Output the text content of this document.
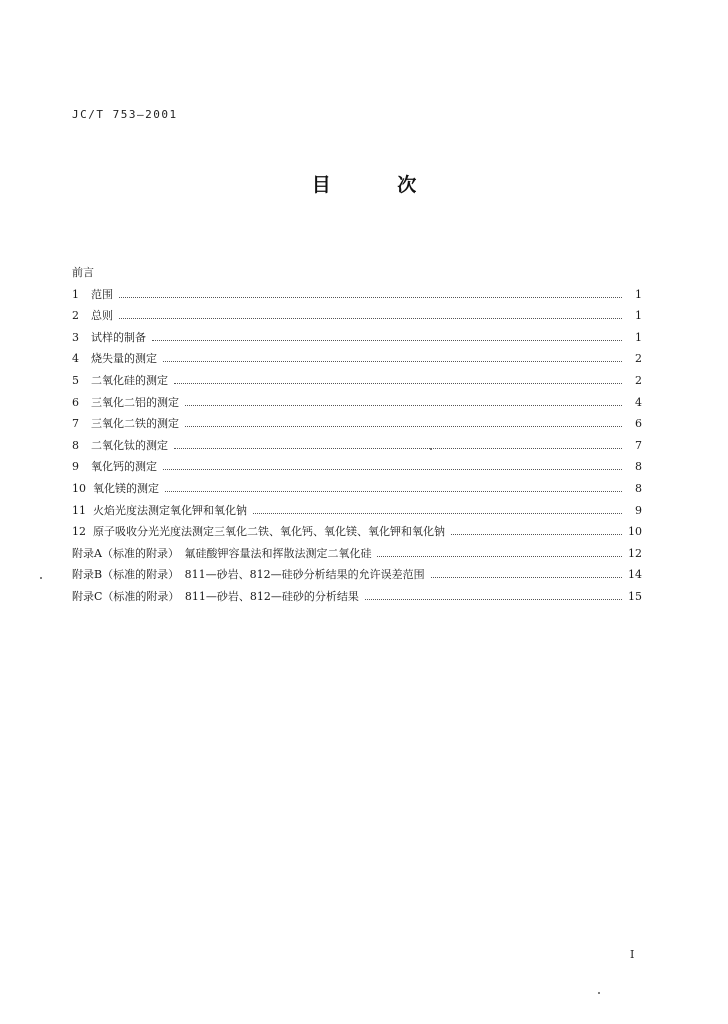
JC/T 753—2001
目 次
前言
1	范围	1
2	总则	1
3	试样的制备	1
4	烧失量的测定	2
5	二氧化硅的测定	2
6	三氧化二铝的测定	4
7	三氧化二铁的测定	6
8	二氧化钛的测定	7
9	氧化钙的测定	8
10 氧化镁的测定	8
11 火焰光度法测定氧化钾和氧化钠	9
12 原子吸收分光光度法测定三氧化二铁、氧化钙、氧化镁、氧化钾和氧化钠	10
附录A（标准的附录）　氟硅酸钾容量法和挥散法测定二氧化硅	12
附录B（标准的附录）　811—砂岩、812—硅砂分析结果的允许误差范围	14
附录C（标准的附录）　811—砂岩、812—硅砂的分析结果	15
I
